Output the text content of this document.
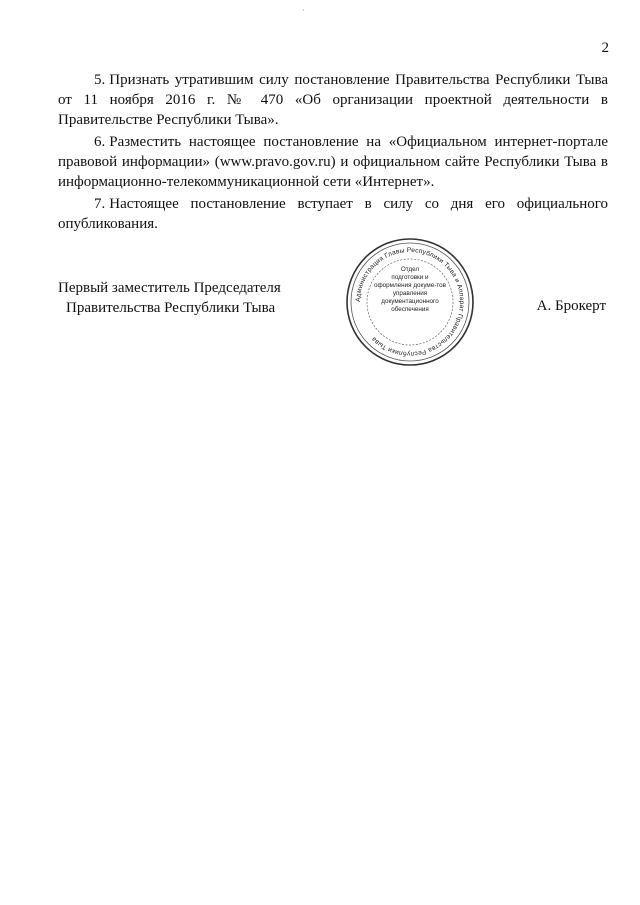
·
2

5. Признать утратившим силу постановление Правительства Республики Тыва от 11 ноября 2016 г. № 470 «Об организации проектной деятельности в Правительстве Республики Тыва».

6. Разместить настоящее постановление на «Официальном интернет-портале правовой информации» (www.pravo.gov.ru) и официальном сайте Республики Тыва в информационно-телекоммуникационной сети «Интернет».

7. Настоящее постановление вступает в силу со дня его официального опубликования.

Первый заместитель Председателя
Правительства Республики Тыва
Администрация Главы Республики Тыва и Аппарат Правительства Республики Тыва
Отдел
подготовки и
оформления докуме-тов
управления
документационного
обеспечения	А. Брокерт
